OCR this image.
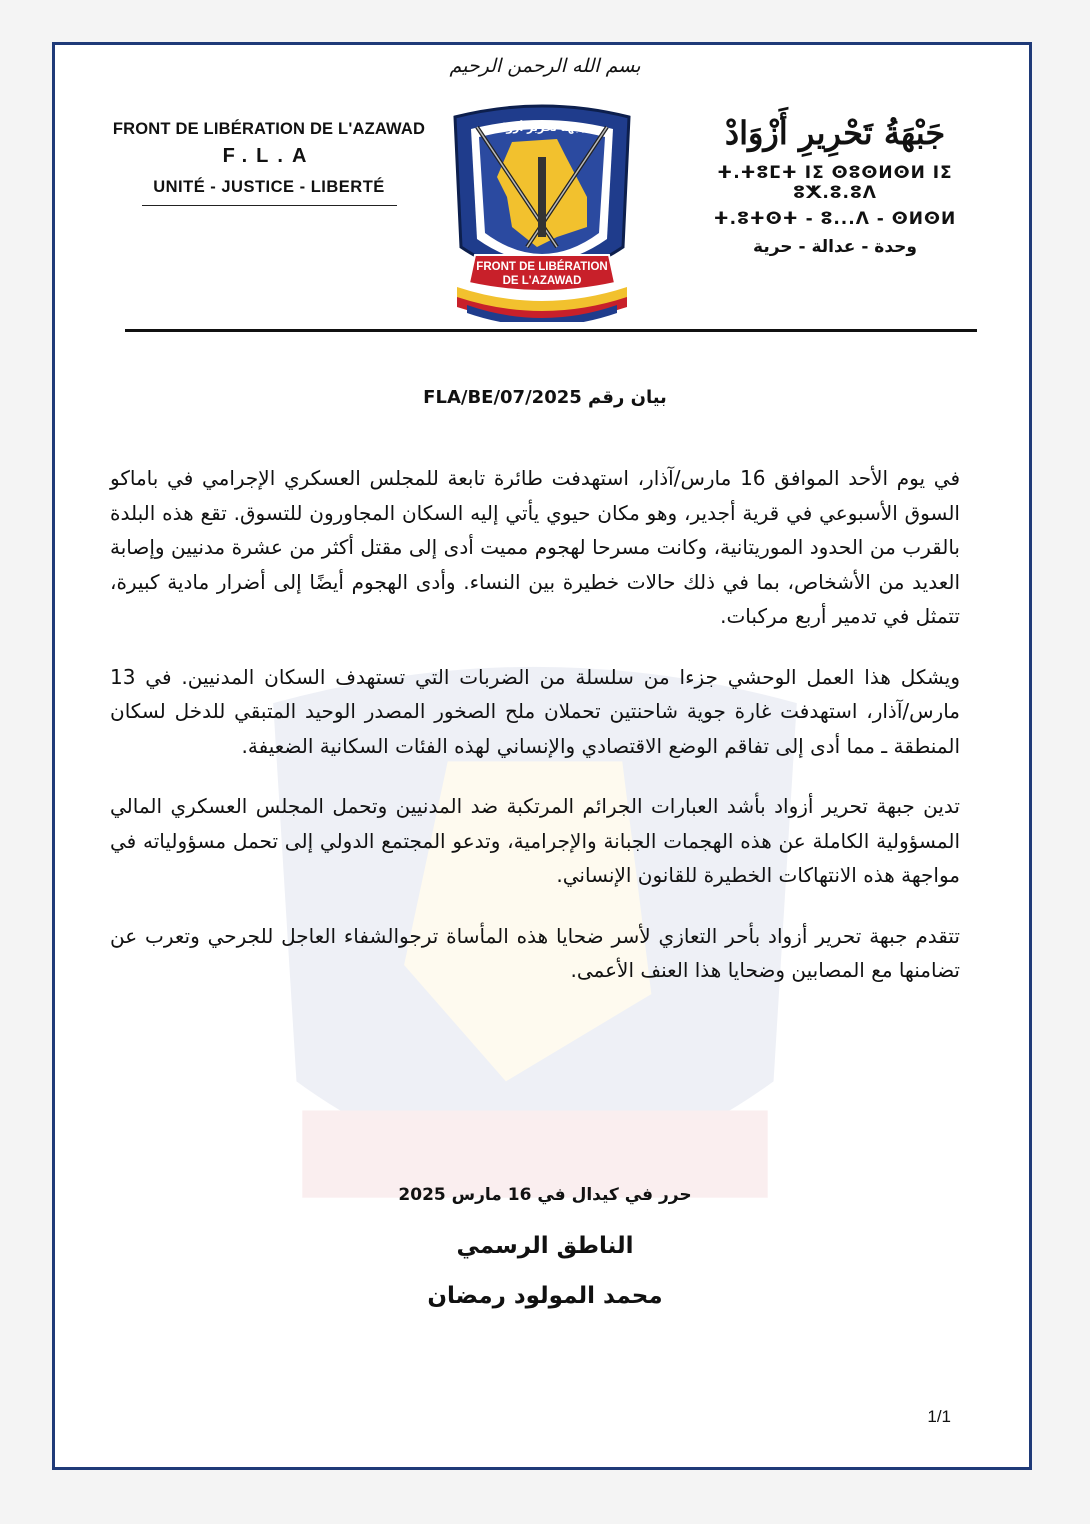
FRONT DE LIBÉRATION DE L'AZAWAD
F.L.A
UNITÉ - JUSTICE - LIBERTÉ
بسم الله الرحمن الرحيم
FRONT DE LIBÉRATION
DE L'AZAWAD
جبهة تحرير أزواد	جَبْهَةُ تَحْرِيرِ أَزْوَادْ
ⵜ.ⵜⵓⵎⵜ ⵏⵉ ⵙⵓⵙⵍⵙⵍ ⵏⵉ ⵓⵅ.ⵓ.ⵓⴷ
ⵜ.ⵓⵜⵙⵜ - ⵓ...ⴷ - ⵙⵍⵙⵍ
وحدة - عدالة - حرية
بيان رقم 2025/FLA/BE/07

في يوم الأحد الموافق 16 مارس/آذار، استهدفت طائرة تابعة للمجلس العسكري الإجرامي في باماكو السوق الأسبوعي في قرية أجدير، وهو مكان حيوي يأتي إليه السكان المجاورون للتسوق. تقع هذه البلدة بالقرب من الحدود الموريتانية، وكانت مسرحا لهجوم مميت أدى إلى مقتل أكثر من عشرة مدنيين وإصابة العديد من الأشخاص، بما في ذلك حالات خطيرة بين النساء. وأدى الهجوم أيضًا إلى أضرار مادية كبيرة، تتمثل في تدمير أربع مركبات.

ويشكل هذا العمل الوحشي جزءا من سلسلة من الضربات التي تستهدف السكان المدنيين. في 13 مارس/آذار، استهدفت غارة جوية شاحنتين تحملان ملح الصخور المصدر الوحيد المتبقي للدخل لسكان المنطقة ـ مما أدى إلى تفاقم الوضع الاقتصادي والإنساني لهذه الفئات السكانية الضعيفة.

تدين جبهة تحرير أزواد بأشد العبارات الجرائم المرتكبة ضد المدنيين وتحمل المجلس العسكري المالي المسؤولية الكاملة عن هذه الهجمات الجبانة والإجرامية، وتدعو المجتمع الدولي إلى تحمل مسؤولياته في مواجهة هذه الانتهاكات الخطيرة للقانون الإنساني.

تتقدم جبهة تحرير أزواد بأحر التعازي لأسر ضحايا هذه المأساة ترجوالشفاء العاجل للجرحي وتعرب عن تضامنها مع المصابين وضحايا هذا العنف الأعمى.

حرر في كيدال في 16 مارس 2025
الناطق الرسمي
محمد المولود رمضان
1/1
